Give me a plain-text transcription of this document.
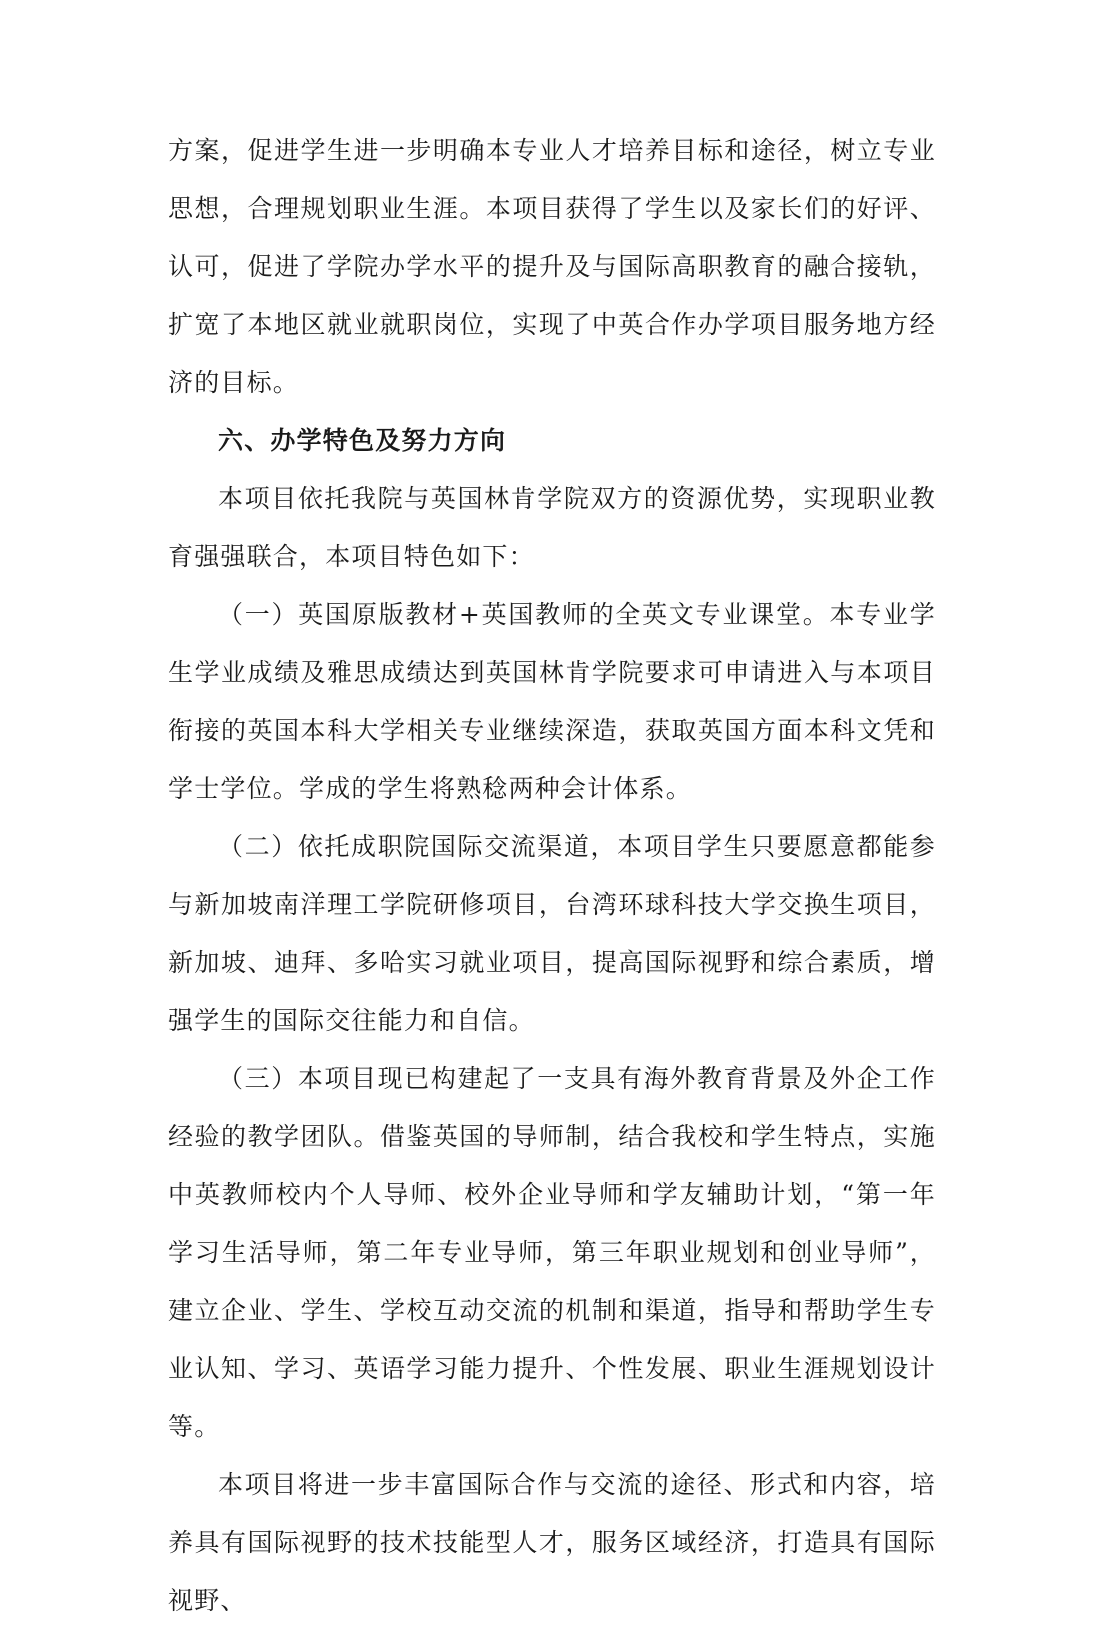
方案，促进学生进一步明确本专业人才培养目标和途径，树立专业思想，合理规划职业生涯。本项目获得了学生以及家长们的好评、认可，促进了学院办学水平的提升及与国际高职教育的融合接轨，扩宽了本地区就业就职岗位，实现了中英合作办学项目服务地方经济的目标。

六、办学特色及努力方向

本项目依托我院与英国林肯学院双方的资源优势，实现职业教育强强联合，本项目特色如下：

（一）英国原版教材+英国教师的全英文专业课堂。本专业学生学业成绩及雅思成绩达到英国林肯学院要求可申请进入与本项目衔接的英国本科大学相关专业继续深造，获取英国方面本科文凭和学士学位。学成的学生将熟稔两种会计体系。

（二）依托成职院国际交流渠道，本项目学生只要愿意都能参与新加坡南洋理工学院研修项目，台湾环球科技大学交换生项目，新加坡、迪拜、多哈实习就业项目，提高国际视野和综合素质，增强学生的国际交往能力和自信。

（三）本项目现已构建起了一支具有海外教育背景及外企工作经验的教学团队。借鉴英国的导师制，结合我校和学生特点，实施中英教师校内个人导师、校外企业导师和学友辅助计划，“第一年学习生活导师，第二年专业导师，第三年职业规划和创业导师”，建立企业、学生、学校互动交流的机制和渠道，指导和帮助学生专业认知、学习、英语学习能力提升、个性发展、职业生涯规划设计等。

本项目将进一步丰富国际合作与交流的途径、形式和内容，培养具有国际视野的技术技能型人才，服务区域经济，打造具有国际视野、
